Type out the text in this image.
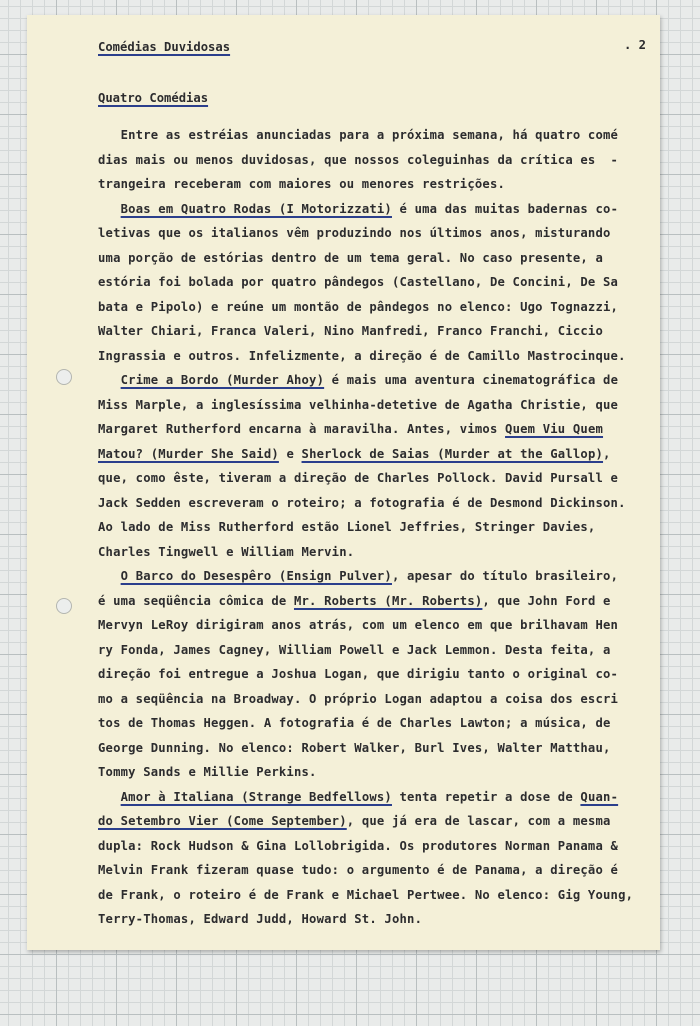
Comédias Duvidosas	. 2
Quatro Comédias
Entre as estréias anunciadas para a próxima semana, há quatro comé
dias mais ou menos duvidosas, que nossos coleguinhas da crítica es  -
trangeira receberam com maiores ou menores restrições.
Boas em Quatro Rodas (I Motorizzati) é uma das muitas badernas co-
letivas que os italianos vêm produzindo nos últimos anos, misturando
uma porção de estórias dentro de um tema geral. No caso presente, a
estória foi bolada por quatro pândegos (Castellano, De Concini, De Sa
bata e Pipolo) e reúne um montão de pândegos no elenco: Ugo Tognazzi,
Walter Chiari, Franca Valeri, Nino Manfredi, Franco Franchi, Ciccio
Ingrassia e outros. Infelizmente, a direção é de Camillo Mastrocinque.
Crime a Bordo (Murder Ahoy) é mais uma aventura cinematográfica de
Miss Marple, a inglesíssima velhinha-detetive de Agatha Christie, que
Margaret Rutherford encarna à maravilha. Antes, vimos Quem Viu Quem
Matou? (Murder She Said) e Sherlock de Saias (Murder at the Gallop),
que, como êste, tiveram a direção de Charles Pollock. David Pursall e
Jack Sedden escreveram o roteiro; a fotografia é de Desmond Dickinson.
Ao lado de Miss Rutherford estão Lionel Jeffries, Stringer Davies,
Charles Tingwell e William Mervin.
O Barco do Desespêro (Ensign Pulver), apesar do título brasileiro,
é uma seqüência cômica de Mr. Roberts (Mr. Roberts), que John Ford e
Mervyn LeRoy dirigiram anos atrás, com um elenco em que brilhavam Hen
ry Fonda, James Cagney, William Powell e Jack Lemmon. Desta feita, a
direção foi entregue a Joshua Logan, que dirigiu tanto o original co-
mo a seqüência na Broadway. O próprio Logan adaptou a coisa dos escri
tos de Thomas Heggen. A fotografia é de Charles Lawton; a música, de
George Dunning. No elenco: Robert Walker, Burl Ives, Walter Matthau,
Tommy Sands e Millie Perkins.
Amor à Italiana (Strange Bedfellows) tenta repetir a dose de Quan-
do Setembro Vier (Come September), que já era de lascar, com a mesma
dupla: Rock Hudson & Gina Lollobrigida. Os produtores Norman Panama &
Melvin Frank fizeram quase tudo: o argumento é de Panama, a direção é
de Frank, o roteiro é de Frank e Michael Pertwee. No elenco: Gig Young,
Terry-Thomas, Edward Judd, Howard St. John.
